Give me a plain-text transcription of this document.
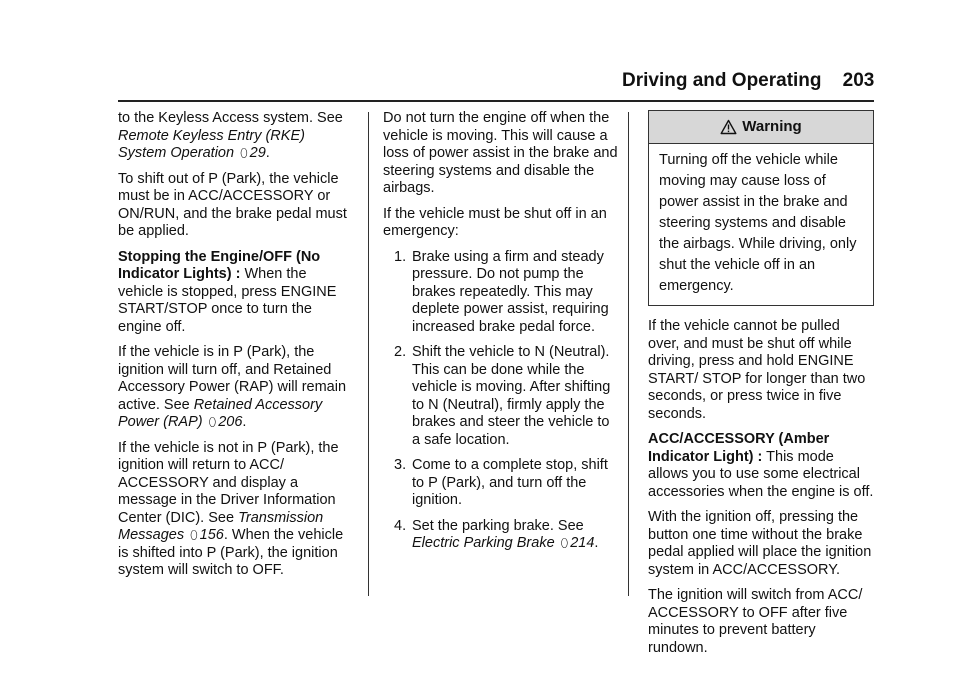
Driving and Operating 203

to the Keyless Access system. See Remote Keyless Entry (RKE) System Operation ⬯ 29.

To shift out of P (Park), the vehicle must be in ACC/ACCESSORY or ON/RUN, and the brake pedal must be applied.

Stopping the Engine/OFF (No Indicator Lights) : When the vehicle is stopped, press ENGINE START/STOP once to turn the engine off.

If the vehicle is in P (Park), the ignition will turn off, and Retained Accessory Power (RAP) will remain active. See Retained Accessory Power (RAP) ⬯ 206.

If the vehicle is not in P (Park), the ignition will return to ACC/ ACCESSORY and display a message in the Driver Information Center (DIC). See Transmission Messages ⬯ 156. When the vehicle is shifted into P (Park), the ignition system will switch to OFF.

Do not turn the engine off when the vehicle is moving. This will cause a loss of power assist in the brake and steering systems and disable the airbags.

If the vehicle must be shut off in an emergency:

1. Brake using a firm and steady pressure. Do not pump the brakes repeatedly. This may deplete power assist, requiring increased brake pedal force.
2. Shift the vehicle to N (Neutral). This can be done while the vehicle is moving. After shifting to N (Neutral), firmly apply the brakes and steer the vehicle to a safe location.
3. Come to a complete stop, shift to P (Park), and turn off the ignition.
4. Set the parking brake. See Electric Parking Brake ⬯ 214.
Warning
Turning off the vehicle while moving may cause loss of power assist in the brake and steering systems and disable the airbags. While driving, only shut the vehicle off in an emergency.

If the vehicle cannot be pulled over, and must be shut off while driving, press and hold ENGINE START/ STOP for longer than two seconds, or press twice in five seconds.

ACC/ACCESSORY (Amber Indicator Light) : This mode allows you to use some electrical accessories when the engine is off.

With the ignition off, pressing the button one time without the brake pedal applied will place the ignition system in ACC/ACCESSORY.

The ignition will switch from ACC/ ACCESSORY to OFF after five minutes to prevent battery rundown.
